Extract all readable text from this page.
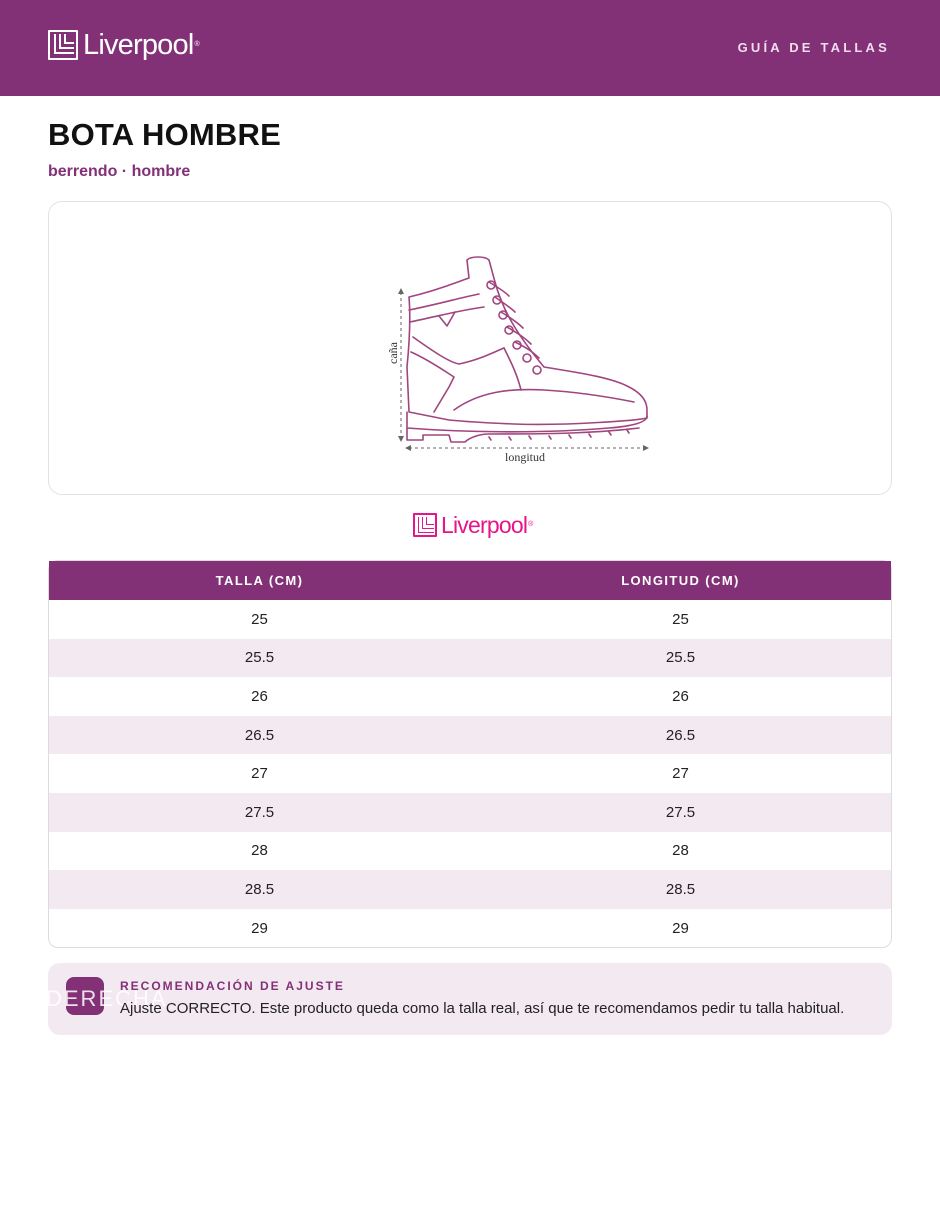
Liverpool®	GUÍA DE TALLAS
BOTA HOMBRE
berrendo · hombre
caña
longitud
Liverpool®
TALLA (CM)	LONGITUD (CM)
25	25
25.5	25.5
26	26
26.5	26.5
27	27
27.5	27.5
28	28
28.5	28.5
29	29
DERECHA
RECOMENDACIÓN DE AJUSTE
Ajuste CORRECTO. Este producto queda como la talla real, así que te recomendamos pedir tu talla habitual.
